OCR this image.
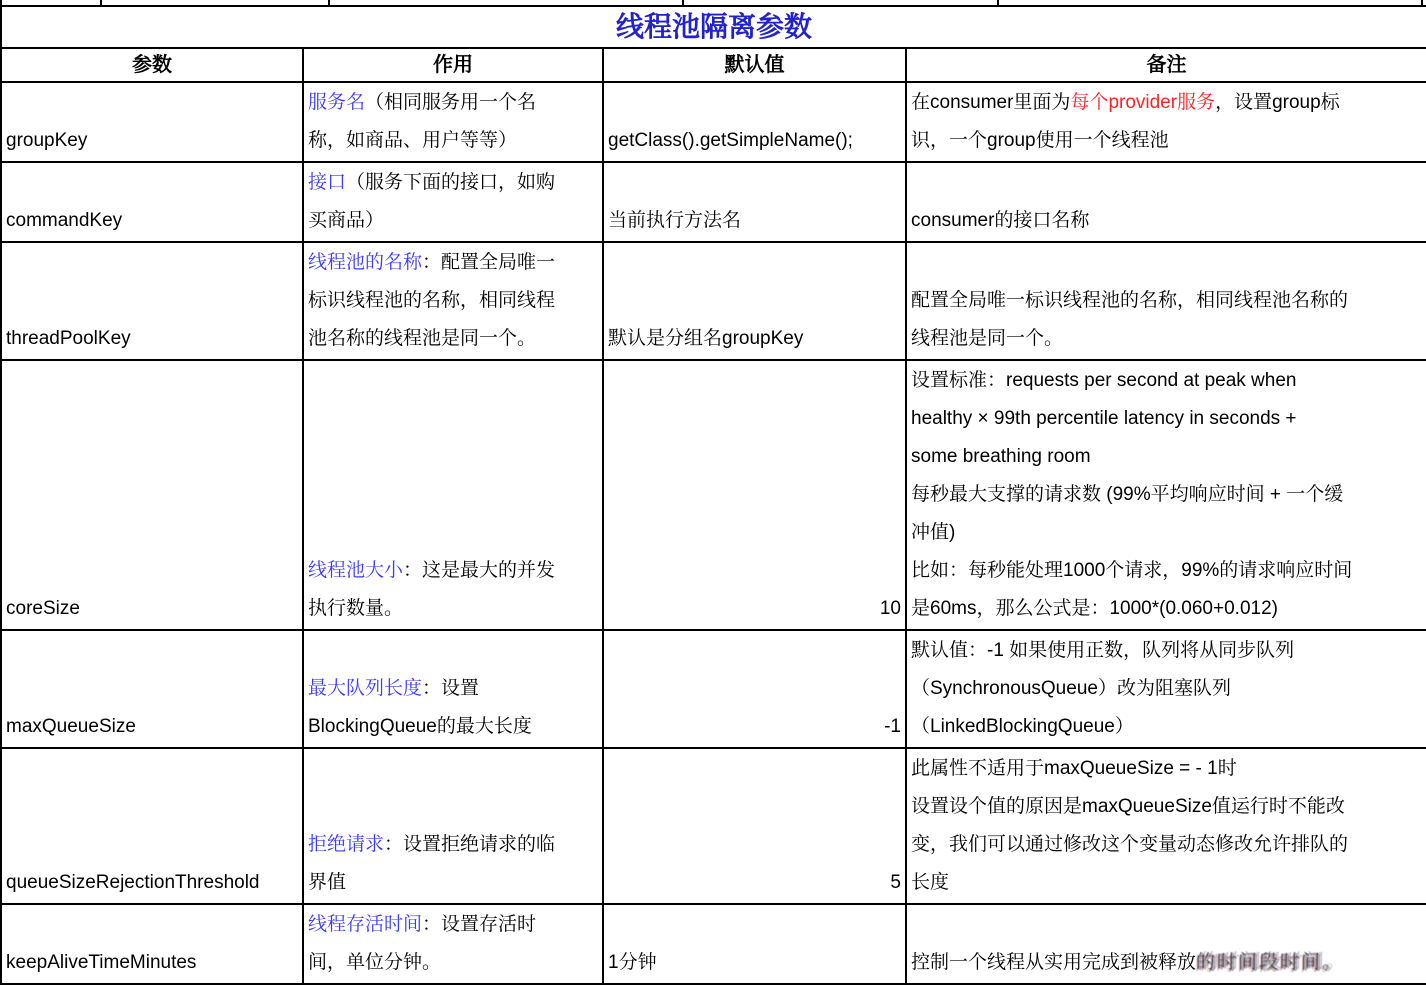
线程池隔离参数			
参数	作用	默认值	备注
groupKey	服务名（相同服务用一个名
称，如商品、用户等等）	getClass().getSimpleName();	在consumer里面为每个provider服务，设置group标
识，一个group使用一个线程池
commandKey	接口（服务下面的接口，如购
买商品）	当前执行方法名	consumer的接口名称
threadPoolKey	线程池的名称：配置全局唯一
标识线程池的名称，相同线程
池名称的线程池是同一个。	默认是分组名groupKey	配置全局唯一标识线程池的名称，相同线程池名称的
线程池是同一个。
coreSize	线程池大小：这是最大的并发
执行数量。	10	设置标准：requests per second at peak when
healthy × 99th percentile latency in seconds +
some breathing room
每秒最大支撑的请求数 (99%平均响应时间 + 一个缓
冲值)
比如：每秒能处理1000个请求，99%的请求响应时间
是60ms，那么公式是：1000*(0.060+0.012)
maxQueueSize	最大队列长度：设置
BlockingQueue的最大长度	-1	默认值：-1 如果使用正数，队列将从同步队列
（SynchronousQueue）改为阻塞队列
（LinkedBlockingQueue）
queueSizeRejectionThreshold	拒绝请求：设置拒绝请求的临
界值	5	此属性不适用于maxQueueSize = - 1时
设置设个值的原因是maxQueueSize值运行时不能改
变，我们可以通过修改这个变量动态修改允许排队的
长度
keepAliveTimeMinutes	线程存活时间：设置存活时
间，单位分钟。	1分钟	控制一个线程从实用完成到被释放的时间段时间。
